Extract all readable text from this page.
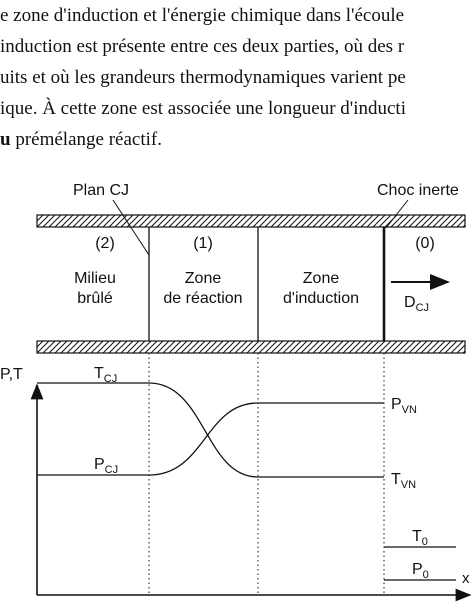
e zone d'induction et l'énergie chimique dans l'écoule
induction est présente entre ces deux parties, où des r
uits et où les grandeurs thermodynamiques varient pe
ique. À cette zone est associée une longueur d'inducti
u prémélange réactif.
Plan CJ	Choc inerte
(2)
Milieu
brûlé
(1)
Zone
de réaction
Zone
d'induction
(0)
$D_{CJ}$
P,T
x
$T_{CJ}$
$P_{CJ}$
$P_{VN}$
$T_{VN}$
$T_0$
$P_0$
